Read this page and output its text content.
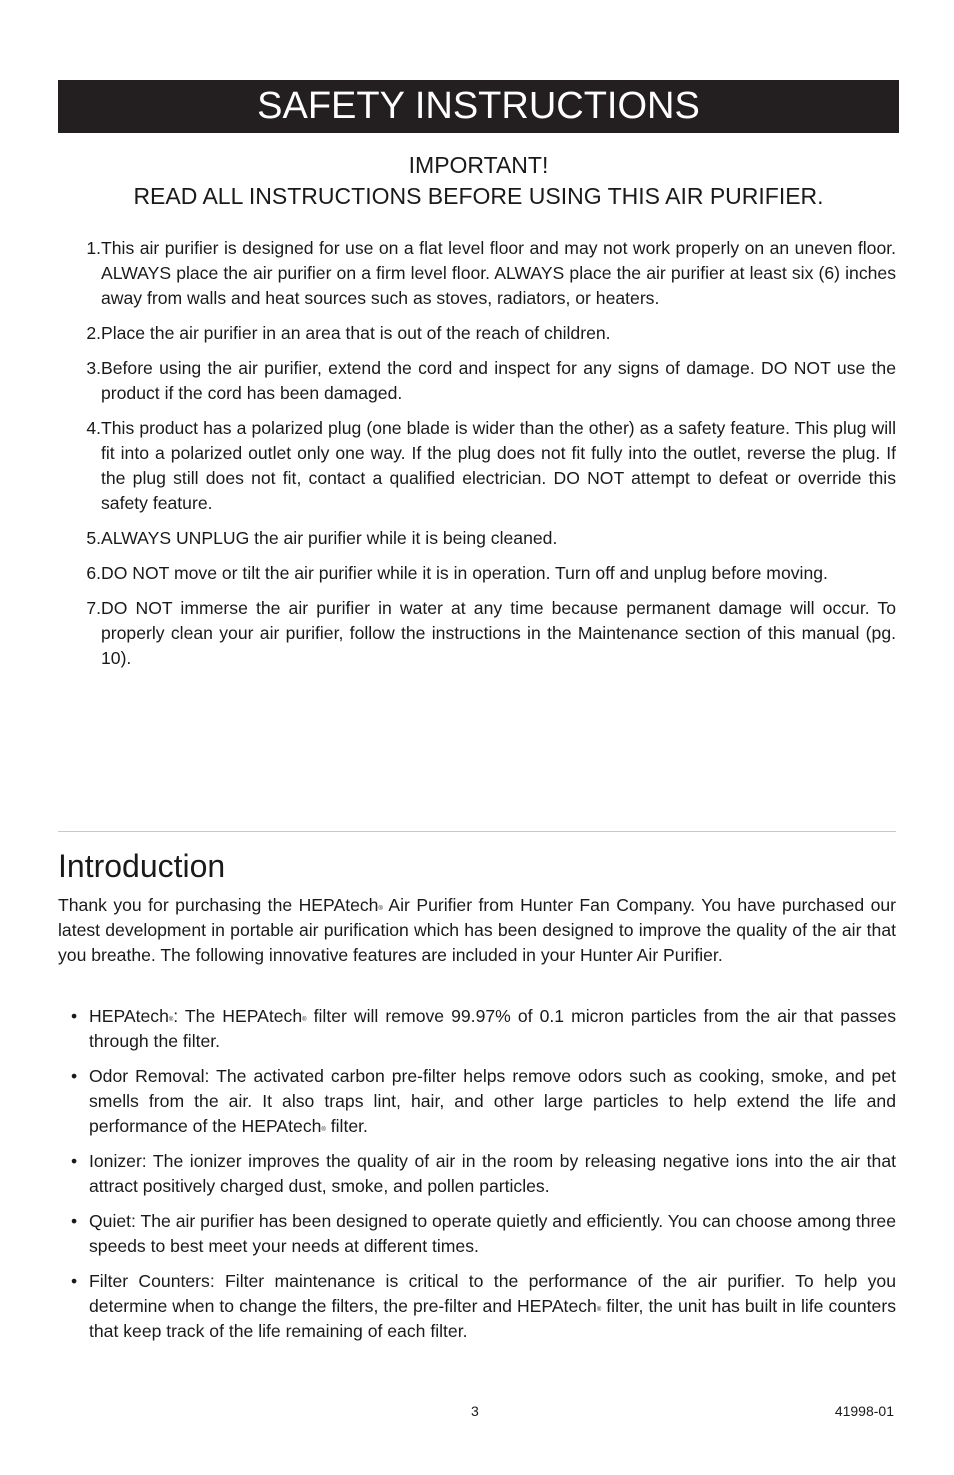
SAFETY INSTRUCTIONS
IMPORTANT!
READ ALL INSTRUCTIONS BEFORE USING THIS AIR PURIFIER.
1. This air purifier is designed for use on a flat level floor and may not work properly on an uneven floor. ALWAYS place the air purifier on a firm level floor. ALWAYS place the air purifier at least six (6) inches away from walls and heat sources such as stoves, radiators, or heaters.
2. Place the air purifier in an area that is out of the reach of children.
3. Before using the air purifier, extend the cord and inspect for any signs of damage. DO NOT use the product if the cord has been damaged.
4. This product has a polarized plug (one blade is wider than the other) as a safety feature. This plug will fit into a polarized outlet only one way. If the plug does not fit fully into the outlet, reverse the plug. If the plug still does not fit, contact a qualified electrician. DO NOT attempt to defeat or override this safety feature.
5. ALWAYS UNPLUG the air purifier while it is being cleaned.
6. DO NOT move or tilt the air purifier while it is in operation. Turn off and unplug before moving.
7. DO NOT immerse the air purifier in water at any time because permanent damage will occur. To properly clean your air purifier, follow the instructions in the Maintenance section of this manual (pg. 10).
Introduction

Thank you for purchasing the HEPAtech® Air Purifier from Hunter Fan Company. You have purchased our latest development in portable air purification which has been designed to improve the quality of the air that you breathe. The following innovative features are included in your Hunter Air Purifier.

• HEPAtech®: The HEPAtech® filter will remove 99.97% of 0.1 micron particles from the air that passes through the filter.
• Odor Removal: The activated carbon pre-filter helps remove odors such as cooking, smoke, and pet smells from the air. It also traps lint, hair, and other large particles to help extend the life and performance of the HEPAtech® filter.
• Ionizer: The ionizer improves the quality of air in the room by releasing negative ions into the air that attract positively charged dust, smoke, and pollen particles.
• Quiet: The air purifier has been designed to operate quietly and efficiently. You can choose among three speeds to best meet your needs at different times.
• Filter Counters: Filter maintenance is critical to the performance of the air purifier. To help you determine when to change the filters, the pre-filter and HEPAtech® filter, the unit has built in life counters that keep track of the life remaining of each filter.
3	41998-01
